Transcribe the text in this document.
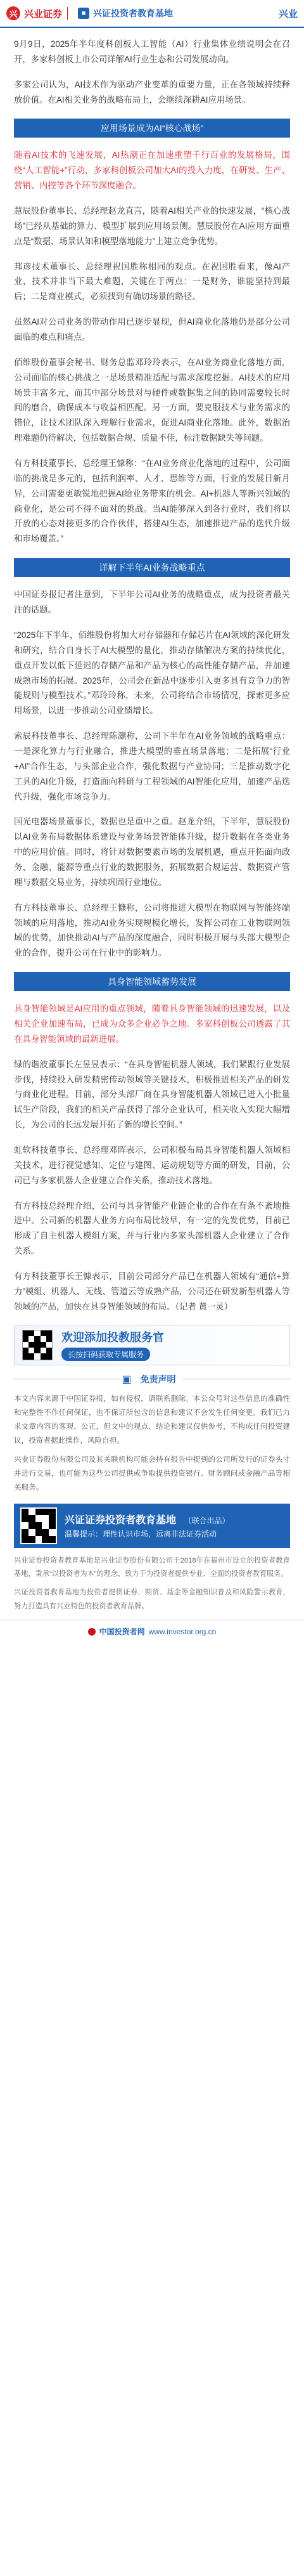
兴 兴业证券	■ 兴证投资者教育基地	兴业

9月9日，2025年半年度科创板人工智能（AI）行业集体业绩说明会在召开，多家科创板上市公司详解AI行业生态和公司发展动向。

多家公司认为，AI技术作为驱动产业变革的重要力量，正在各领域持续释放价值。在AI相关业务的战略布局上，会继续深耕AI应用场景。

应用场景成为AI“核心战场”

随着AI技术的飞速发展，AI热潮正在加速重塑千行百业的发展格局，围绕“人工智能+”行动，多家科创板公司加大AI的投入力度，在研发、生产、营销、内控等各个环节深度融合。

慧辰股份董事长、总经理赵龙直言，随着AI相关产业的快速发展，“核心战场”已经从基础的算力、模型扩展到应用场景侧。慧辰股份在AI应用方面重点是“数据、场景认知和模型落地能力”上建立竞争优势。

邦彦技术董事长、总经理祝国胜称相同的观点。在祝国胜看来，像AI产业，技术并非当下最大难题，关键在于两点：一是财务，谁能坚持到最后；二是商业模式，必须找到有确切场景的路径。

虽然AI对公司业务的带动作用已逐步显现，但AI商业化落地仍是部分公司面临的难点和痛点。

佰维股份董事会秘书、财务总监邓玲玲表示，在AI业务商业化落地方面，公司面临的核心挑战之一是场景精准适配与需求深度挖掘。AI技术的应用场景丰富多元，而其中部分场景对与硬件或数据集之间的协同需要较长时间的磨合，确保成本与收益相匹配。另一方面，要克服技术与业务需求的错位，让技术团队深入理解行业需求，促进AI商业化落地。此外，数据治理难题仍待解决，包括数据合规、质量不佳，标注数据缺失等问题。

有方科技董事长、总经理王慷称：“在AI业务商业化落地的过程中，公司面临的挑战是多元的，包括利润率、人才、思维等方面，行业的发展日新月异，公司需要更敏锐地把握AI给业务带来的机会。AI+机器人等新兴领域的商业化，是公司不得不面对的挑战。当AI能够深入到各行业时，我们将以开放的心态对接更多的合作伙伴，搭建AI生态，加速推进产品的迭代升级和市场覆盖。”

详解下半年AI业务战略重点

中国证券报记者注意到，下半年公司AI业务的战略重点，成为投资者最关注的话题。

“2025年下半年，佰维股份将加大对存储器和存储芯片在AI领域的深化研发和研究，结合自身长于AI大模型的量化，推动存储解决方案的持续优化，重点开发以低下延迟的存储产品和产品为核心的高性能存储产品，并加速成熟市场的拓展。2025年，公司会在新品中逐步引入更多具有竞争力的智能规则与模型技术。”邓玲玲称，未来，公司将结合市场情况，探索更多应用场景，以进一步推动公司业绩增长。

索辰科技董事长、总经理陈灏称，公司下半年在AI业务领域的战略重点：一是深化算力与行业融合，推进大模型的垂直场景落地；二是拓展“行业+AI”合作生态，与头部企业合作，强化数据与产业协同；三是推动数字化工具的AI化升级，打造面向科研与工程领域的AI智能化应用，加速产品迭代升级，强化市场竞争力。

国光电器场景董事长，数据也是重中之重。赵龙介绍，下半年，慧辰股份以AI业务布局数据体系建设与业务场景智能体升级，提升数据在各类业务中的应用价值。同时，将针对数据要素市场的发展机遇，重点开拓面向政务、金融、能源等重点行业的数据服务，拓展数据合规运营、数据资产管理与数据交易业务，持续巩固行业地位。

有方科技董事长、总经理王慷称，公司将推进大模型在物联网与智能终端领域的应用落地，推动AI业务实现规模化增长，发挥公司在工业物联网领域的优势，加快推动AI与产品的深度融合，同时积极开展与头部大模型企业的合作，提升公司在行业中的影响力。

具身智能领域蓄势发展

具身智能领域是AI应用的重点领域，随着具身智能领域的迅速发展，以及相关企业加速布局，已成为众多企业必争之地。多家科创板公司透露了其在具身智能领域的最新进展。

绿的谐波董事长左昱昱表示：“在具身智能机器人领域，我们紧跟行业发展步伐，持续投入研发精密传动领域等关键技术，积极推进相关产品的研发与商业化进程。目前，部分头部厂商在具身智能机器人领域已进入小批量试生产阶段，我们的相关产品获得了部分企业认可，相关收入实现大幅增长，为公司的长远发展开拓了新的增长空间。”

虹软科技董事长、总经理邓晖表示，公司积极布局具身智能机器人领域相关技术，进行视觉感知、定位与建图、运动规划等方面的研发，目前，公司已与多家机器人企业建立合作关系，推动技术落地。

有方科技总经理介绍，公司与具身智能产业链企业的合作在有条不紊地推进中。公司新的机器人业务方向布局比较早，有一定的先发优势，目前已形成了自主机器人模组方案，并与行业内多家头部机器人企业建立了合作关系。

有方科技董事长王慷表示，目前公司部分产品已在机器人领域有“通信+算力”模组、机器人、无线、管道云等成熟产品，公司还在研发新型机器人等领域的产品，加快在具身智能领域的布局。（记者 黄一灵）

欢迎添加投教服务官
长按扫码获取专属服务
▣ 免责声明

本文内容来源于中国证券报，如有侵权，请联系删除。本公众号对这些信息的准确性和完整性不作任何保证，也不保证所包含的信息和建议不会发生任何变更。我们已力求文章内容的客观、公正，但文中的观点、结论和建议仅供参考，不构成任何投资建议，投资者据此操作，风险自担。

兴业证券股份有限公司及其关联机构可能会持有报告中提到的公司所发行的证券头寸并进行交易，也可能为这些公司提供或争取提供投资银行、财务顾问或金融产品等相关服务。

兴证证券投资者教育基地 （联合出品）
温馨提示：理性认识市场，远离非法证券活动

兴业证券投资者教育基地是兴业证券股份有限公司于2018年在福州市设立的投资者教育基地，秉承“以投资者为本”的理念，致力于为投资者提供专业、全面的投资者教育服务。

兴证投资者教育基地为投资者提供证券、期货、基金等金融知识普及和风险警示教育，努力打造具有兴业特色的投资者教育品牌。

中国投资者网 www.investor.org.cn
